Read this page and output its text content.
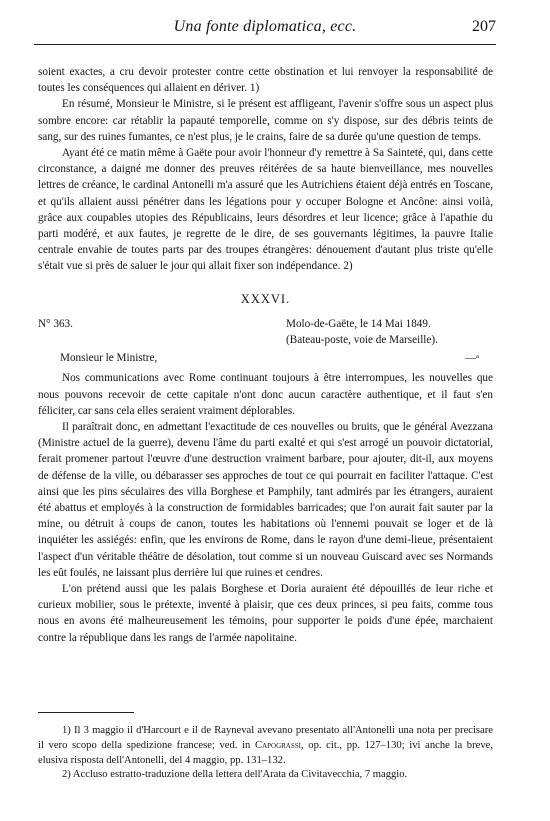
Una fonte diplomatica, ecc.	207

soient exactes, a cru devoir protester contre cette obstination et lui renvoyer la responsabilité de toutes les conséquences qui allaient en dériver. 1)

En résumé, Monsieur le Ministre, si le présent est affligeant, l'avenir s'offre sous un aspect plus sombre encore: car rétablir la papauté temporelle, comme on s'y dispose, sur des débris teints de sang, sur des ruines fumantes, ce n'est plus, je le crains, faire de sa durée qu'une question de temps.

Ayant été ce matin même à Gaëte pour avoir l'honneur d'y remettre à Sa Sainteté, qui, dans cette circonstance, a daigné me donner des preuves réitérées de sa haute bienveillance, mes nouvelles lettres de créance, le cardinal Antonelli m'a assuré que les Autrichiens étaient déjà entrés en Toscane, et qu'ils allaient aussi pénétrer dans les légations pour y occuper Bologne et Ancône: ainsi voilà, grâce aux coupables utopies des Républicains, leurs désordres et leur licence; grâce à l'apathie du parti modéré, et aux fautes, je regrette de le dire, de ses gouvernants légitimes, la pauvre Italie centrale envahie de toutes parts par des troupes étrangères: dénouement d'autant plus triste qu'elle s'était vue si près de saluer le jour qui allait fixer son indépendance. 2)

XXXVI.
N° 363.	Molo-de-Gaëte, le 14 Mai 1849.
(Bateau-poste, voie de Marseille).

Monsieur le Ministre,	—ᵃ

Nos communications avec Rome continuant toujours à être interrompues, les nouvelles que nous pouvons recevoir de cette capitale n'ont donc aucun caractère authentique, et il faut s'en féliciter, car sans cela elles seraient vraiment déplorables.

Il paraîtrait donc, en admettant l'exactitude de ces nouvelles ou bruits, que le général Avezzana (Ministre actuel de la guerre), devenu l'âme du parti exalté et qui s'est arrogé un pouvoir dictatorial, ferait promener partout l'œuvre d'une destruction vraiment barbare, pour ajouter, dit-il, aux moyens de défense de la ville, ou débarasser ses approches de tout ce qui pourrait en faciliter l'attaque. C'est ainsi que les pins séculaires des villa Borghese et Pamphily, tant admirés par les étrangers, auraient été abattus et employés à la construction de formidables barricades; que l'on aurait fait sauter par la mine, ou détruit à coups de canon, toutes les habitations où l'ennemi pouvait se loger et de là inquiéter les assiégés: enfin, que les environs de Rome, dans le rayon d'une demi-lieue, présentaient l'aspect d'un véritable théâtre de désolation, tout comme si un nouveau Guiscard avec ses Normands les eût foulés, ne laissant plus derrière lui que ruines et cendres.

L'on prétend aussi que les palais Borghese et Doria auraient été dépouillés de leur riche et curieux mobilier, sous le prétexte, inventé à plaisir, que ces deux princes, si peu faits, comme tous nous en avons été malheureusement les témoins, pour supporter le poids d'une épée, marchaient contre la république dans les rangs de l'armée napolitaine.

1) Il 3 maggio il d'Harcourt e il de Rayneval avevano presentato all'Antonelli una nota per precisare il vero scopo della spedizione francese; ved. in Capograssi, op. cit., pp. 127–130; ivi anche la breve, elusiva risposta dell'Antonelli, del 4 maggio, pp. 131–132.

2) Accluso estratto-traduzione della lettera dell'Arata da Civitavecchia, 7 maggio.
